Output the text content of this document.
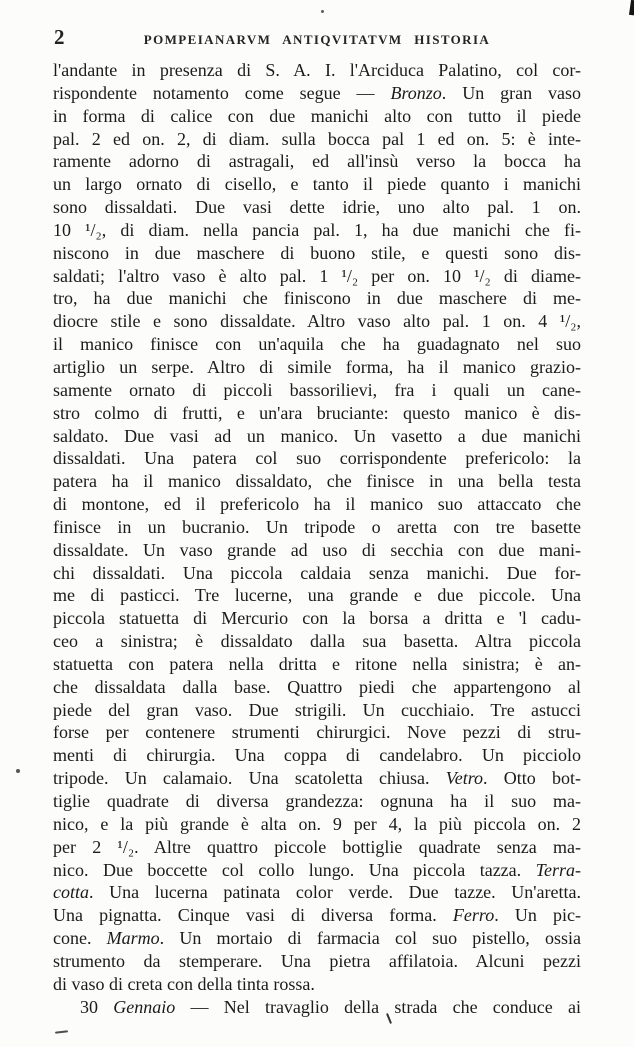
2	POMPEIANARVM ANTIQVITATVM HISTORIA
l'andante in presenza di S. A. I. l'Arciduca Palatino, col cor-
rispondente notamento come segue — Bronzo. Un gran vaso
in forma di calice con due manichi alto con tutto il piede
pal. 2 ed on. 2, di diam. sulla bocca pal 1 ed on. 5: è inte-
ramente adorno di astragali, ed all'insù verso la bocca ha
un largo ornato di cisello, e tanto il piede quanto i manichi
sono dissaldati. Due vasi dette idrie, uno alto pal. 1 on.
10 ¹/₂, di diam. nella pancia pal. 1, ha due manichi che fi-
niscono in due maschere di buono stile, e questi sono dis-
saldati; l'altro vaso è alto pal. 1 ¹/₂ per on. 10 ¹/₂ di diame-
tro, ha due manichi che finiscono in due maschere di me-
diocre stile e sono dissaldate. Altro vaso alto pal. 1 on. 4 ¹/₂,
il manico finisce con un'aquila che ha guadagnato nel suo
artiglio un serpe. Altro di simile forma, ha il manico grazio-
samente ornato di piccoli bassorilievi, fra i quali un cane-
stro colmo di frutti, e un'ara bruciante: questo manico è dis-
saldato. Due vasi ad un manico. Un vasetto a due manichi
dissaldati. Una patera col suo corrispondente prefericolo: la
patera ha il manico dissaldato, che finisce in una bella testa
di montone, ed il prefericolo ha il manico suo attaccato che
finisce in un bucranio. Un tripode o aretta con tre basette
dissaldate. Un vaso grande ad uso di secchia con due mani-
chi dissaldati. Una piccola caldaia senza manichi. Due for-
me di pasticci. Tre lucerne, una grande e due piccole. Una
piccola statuetta di Mercurio con la borsa a dritta e 'l cadu-
ceo a sinistra; è dissaldato dalla sua basetta. Altra piccola
statuetta con patera nella dritta e ritone nella sinistra; è an-
che dissaldata dalla base. Quattro piedi che appartengono al
piede del gran vaso. Due strigili. Un cucchiaio. Tre astucci
forse per contenere strumenti chirurgici. Nove pezzi di stru-
menti di chirurgia. Una coppa di candelabro. Un picciolo
tripode. Un calamaio. Una scatoletta chiusa. Vetro. Otto bot-
tiglie quadrate di diversa grandezza: ognuna ha il suo ma-
nico, e la più grande è alta on. 9 per 4, la più piccola on. 2
per 2 ¹/₂. Altre quattro piccole bottiglie quadrate senza ma-
nico. Due boccette col collo lungo. Una piccola tazza. Terra-
cotta. Una lucerna patinata color verde. Due tazze. Un'aretta.
Una pignatta. Cinque vasi di diversa forma. Ferro. Un pic-
cone. Marmo. Un mortaio di farmacia col suo pistello, ossia
strumento da stemperare. Una pietra affilatoia. Alcuni pezzi
di vaso di creta con della tinta rossa.
30 Gennaio — Nel travaglio della strada che conduce ai
